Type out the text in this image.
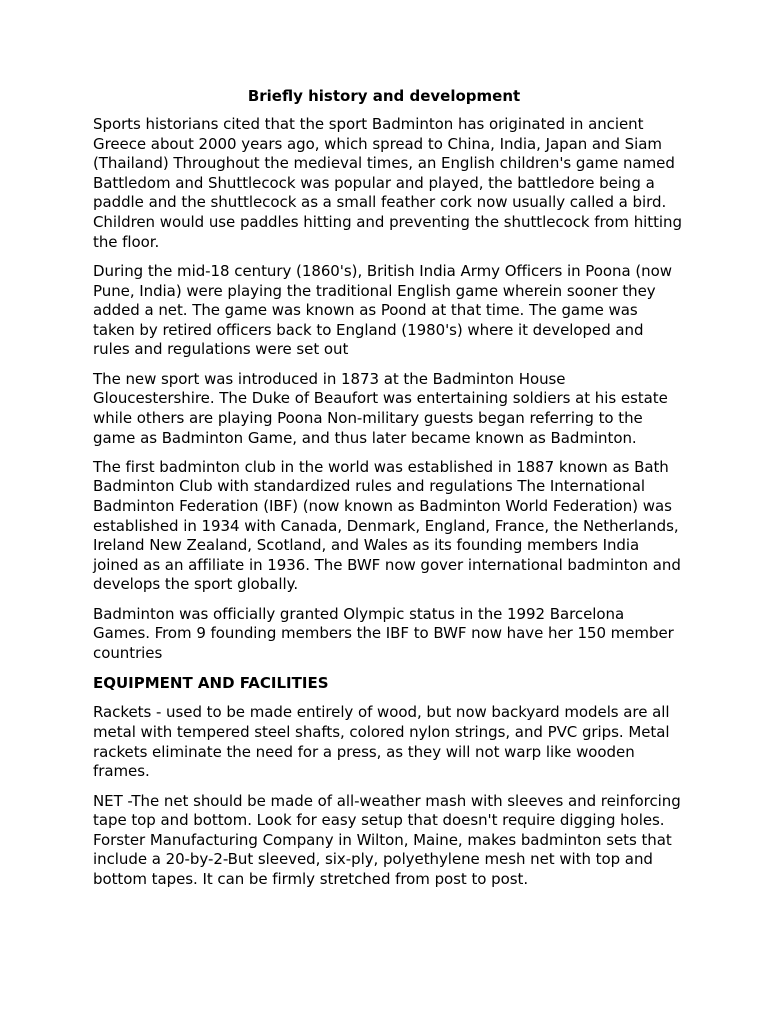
Briefly history and development

Sports historians cited that the sport Badminton has originated in ancient Greece about 2000 years ago, which spread to China, India, Japan and Siam (Thailand) Throughout the medieval times, an English children's game named Battledom and Shuttlecock was popular and played, the battledore being a paddle and the shuttlecock as a small feather cork now usually called a bird. Children would use paddles hitting and preventing the shuttlecock from hitting the floor.

During the mid-18 century (1860's), British India Army Officers in Poona (now Pune, India) were playing the traditional English game wherein sooner they added a net. The game was known as Poond at that time. The game was taken by retired officers back to England (1980's) where it developed and rules and regulations were set out

The new sport was introduced in 1873 at the Badminton House Gloucestershire. The Duke of Beaufort was entertaining soldiers at his estate while others are playing Poona Non-military guests began referring to the game as Badminton Game, and thus later became known as Badminton.

The first badminton club in the world was established in 1887 known as Bath Badminton Club with standardized rules and regulations The International Badminton Federation (IBF) (now known as Badminton World Federation) was established in 1934 with Canada, Denmark, England, France, the Netherlands, Ireland New Zealand, Scotland, and Wales as its founding members India joined as an affiliate in 1936. The BWF now gover international badminton and develops the sport globally.

Badminton was officially granted Olympic status in the 1992 Barcelona Games. From 9 founding members the IBF to BWF now have her 150 member countries

EQUIPMENT AND FACILITIES

Rackets - used to be made entirely of wood, but now backyard models are all metal with tempered steel shafts, colored nylon strings, and PVC grips. Metal rackets eliminate the need for a press, as they will not warp like wooden frames.

NET -The net should be made of all-weather mash with sleeves and reinforcing tape top and bottom. Look for easy setup that doesn't require digging holes. Forster Manufacturing Company in Wilton, Maine, makes badminton sets that include a 20-by-2-But sleeved, six-ply, polyethylene mesh net with top and bottom tapes. It can be firmly stretched from post to post.
